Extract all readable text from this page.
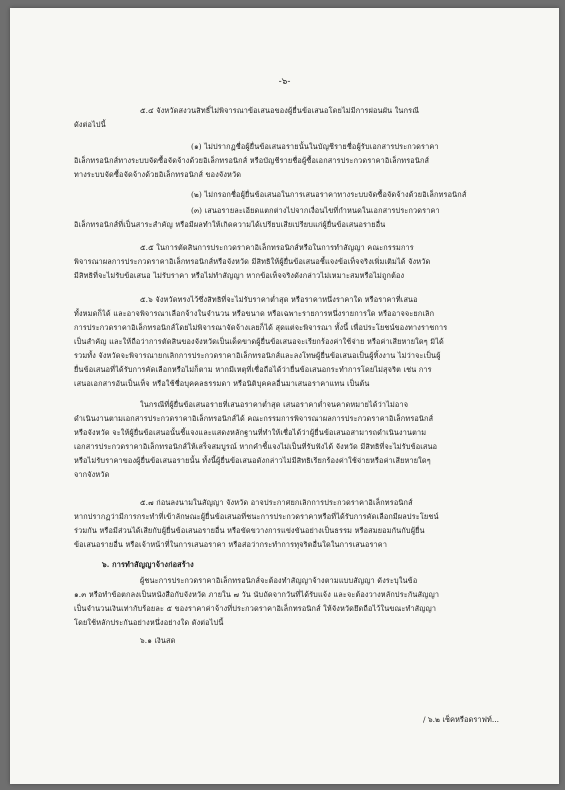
-๖-
๕.๔ จังหวัดสงวนสิทธิ์ไม่พิจารณาข้อเสนอของผู้ยื่นข้อเสนอโดยไม่มีการผ่อนผัน ในกรณี
ดังต่อไปนี้
(๑) ไม่ปรากฏชื่อผู้ยื่นข้อเสนอรายนั้นในบัญชีรายชื่อผู้รับเอกสารประกวดราคา
อิเล็กทรอนิกส์ทางระบบจัดซื้อจัดจ้างด้วยอิเล็กทรอนิกส์ หรือบัญชีรายชื่อผู้ซื้อเอกสารประกวดราคาอิเล็กทรอนิกส์
ทางระบบจัดซื้อจัดจ้างด้วยอิเล็กทรอนิกส์ ของจังหวัด
(๒) ไม่กรอกชื่อผู้ยื่นข้อเสนอในการเสนอราคาทางระบบจัดซื้อจัดจ้างด้วยอิเล็กทรอนิกส์
(๓) เสนอรายละเอียดแตกต่างไปจากเงื่อนไขที่กำหนดในเอกสารประกวดราคา
อิเล็กทรอนิกส์ที่เป็นสาระสำคัญ หรือมีผลทำให้เกิดความได้เปรียบเสียเปรียบแก่ผู้ยื่นข้อเสนอรายอื่น
๕.๕ ในการตัดสินการประกวดราคาอิเล็กทรอนิกส์หรือในการทำสัญญา คณะกรรมการ
พิจารณาผลการประกวดราคาอิเล็กทรอนิกส์หรือจังหวัด มีสิทธิให้ผู้ยื่นข้อเสนอชี้แจงข้อเท็จจริงเพิ่มเติมได้ จังหวัด
มีสิทธิที่จะไม่รับข้อเสนอ ไม่รับราคา หรือไม่ทำสัญญา หากข้อเท็จจริงดังกล่าวไม่เหมาะสมหรือไม่ถูกต้อง
๕.๖ จังหวัดทรงไว้ซึ่งสิทธิที่จะไม่รับราคาต่ำสุด หรือราคาหนึ่งราคาใด หรือราคาที่เสนอ
ทั้งหมดก็ได้ และอาจพิจารณาเลือกจ้างในจำนวน หรือขนาด หรือเฉพาะรายการหนึ่งรายการใด หรืออาจจะยกเลิก
การประกวดราคาอิเล็กทรอนิกส์โดยไม่พิจารณาจัดจ้างเลยก็ได้ สุดแต่จะพิจารณา ทั้งนี้ เพื่อประโยชน์ของทางราชการ
เป็นสำคัญ และให้ถือว่าการตัดสินของจังหวัดเป็นเด็ดขาดผู้ยื่นข้อเสนอจะเรียกร้องค่าใช้จ่าย หรือค่าเสียหายใดๆ มิได้
รวมทั้ง จังหวัดจะพิจารณายกเลิกการประกวดราคาอิเล็กทรอนิกส์และลงโทษผู้ยื่นข้อเสนอเป็นผู้ทิ้งงาน ไม่ว่าจะเป็นผู้
ยื่นข้อเสนอที่ได้รับการคัดเลือกหรือไม่ก็ตาม หากมีเหตุที่เชื่อถือได้ว่ายื่นข้อเสนอกระทำการโดยไม่สุจริต เช่น การ
เสนอเอกสารอันเป็นเท็จ หรือใช้ชื่อบุคคลธรรมดา หรือนิติบุคคลอื่นมาเสนอราคาแทน เป็นต้น
ในกรณีที่ผู้ยื่นข้อเสนอรายที่เสนอราคาต่ำสุด เสนอราคาต่ำจนคาดหมายได้ว่าไม่อาจ
ดำเนินงานตามเอกสารประกวดราคาอิเล็กทรอนิกส์ได้ คณะกรรมการพิจารณาผลการประกวดราคาอิเล็กทรอนิกส์
หรือจังหวัด จะให้ผู้ยื่นข้อเสนอนั้นชี้แจงและแสดงหลักฐานที่ทำให้เชื่อได้ว่าผู้ยื่นข้อเสนอสามารถดำเนินงานตาม
เอกสารประกวดราคาอิเล็กทรอนิกส์ให้เสร็จสมบูรณ์ หากคำชี้แจงไม่เป็นที่รับฟังได้ จังหวัด มีสิทธิที่จะไม่รับข้อเสนอ
หรือไม่รับราคาของผู้ยื่นข้อเสนอรายนั้น ทั้งนี้ผู้ยื่นข้อเสนอดังกล่าวไม่มีสิทธิเรียกร้องค่าใช้จ่ายหรือค่าเสียหายใดๆ
จากจังหวัด
๕.๗ ก่อนลงนามในสัญญา จังหวัด อาจประกาศยกเลิกการประกวดราคาอิเล็กทรอนิกส์
หากปรากฏว่ามีการกระทำที่เข้าลักษณะผู้ยื่นข้อเสนอที่ชนะการประกวดราคาหรือที่ได้รับการคัดเลือกมีผลประโยชน์
ร่วมกัน หรือมีส่วนได้เสียกับผู้ยื่นข้อเสนอรายอื่น หรือขัดขวางการแข่งขันอย่างเป็นธรรม หรือสมยอมกันกับผู้ยื่น
ข้อเสนอรายอื่น หรือเจ้าหน้าที่ในการเสนอราคา หรือส่อว่ากระทำการทุจริตอื่นใดในการเสนอราคา
๖. การทำสัญญาจ้างก่อสร้าง
ผู้ชนะการประกวดราคาอิเล็กทรอนิกส์จะต้องทำสัญญาจ้างตามแบบสัญญา ดังระบุในข้อ
๑.๓ หรือทำข้อตกลงเป็นหนังสือกับจังหวัด ภายใน ๗ วัน นับถัดจากวันที่ได้รับแจ้ง และจะต้องวางหลักประกันสัญญา
เป็นจำนวนเงินเท่ากับร้อยละ ๕ ของราคาค่าจ้างที่ประกวดราคาอิเล็กทรอนิกส์ ให้จังหวัดยึดถือไว้ในขณะทำสัญญา
โดยใช้หลักประกันอย่างหนึ่งอย่างใด ดังต่อไปนี้
๖.๑ เงินสด
/ ๖.๒ เช็คหรือดราฟท์...
